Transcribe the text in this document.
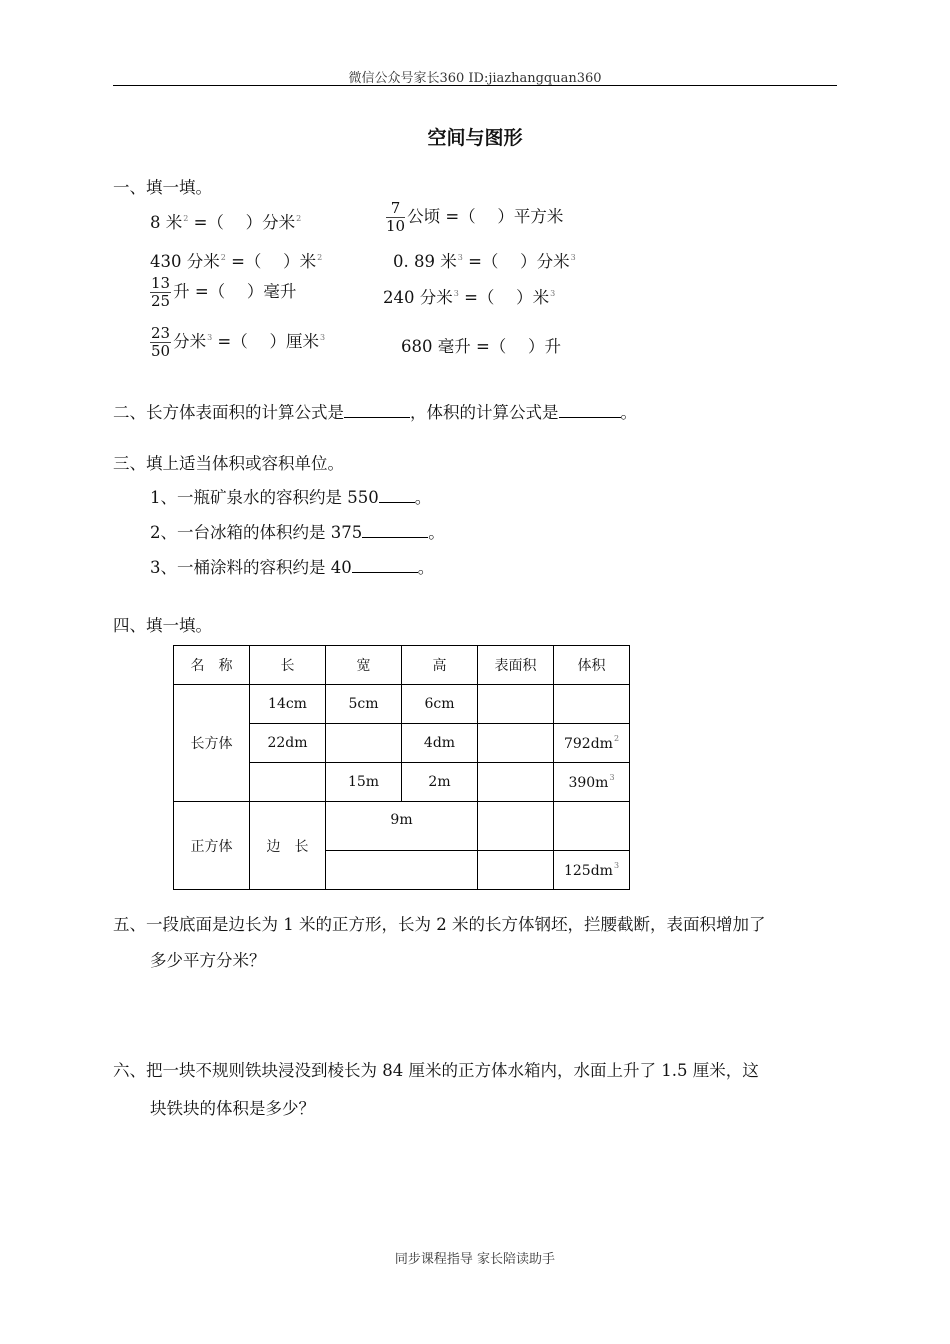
微信公众号家长360 ID:jiazhangquan360
空间与图形
一、填一填。
8 米$^2$ =（　 ）分米$^2$	$\frac{7}{10}$ 公顷 =（　 ）平方米
430 分米$^2$ =（　 ）米$^2$	0. 89 米$^3$ =（　 ）分米$^3$
$\frac{13}{25}$ 升 =（　 ）毫升	240 分米$^3$ =（　 ）米$^3$
$\frac{23}{50}$ 分米$^3$ =（　 ）厘米$^3$	680 毫升 =（　 ）升
二、长方体表面积的计算公式是	，体积的计算公式是	。
三、填上适当体积或容积单位。
1、一瓶矿泉水的容积约是 550 。
2、一台冰箱的体积约是 375	。
3、一桶涂料的容积约是 40	。
四、填一填。
名　称	长	宽	高	表面积	体积
长方体	14cm	5cm	6cm		
	22dm		4dm		$792dm^2$
		15m	2m		$390m^3$
正方体	边　长	9m			
					$125dm^3$
五、一段底面是边长为 1 米的正方形，长为 2 米的长方体钢坯，拦腰截断，表面积增加了
多少平方分米？
六、把一块不规则铁块浸没到棱长为 84 厘米的正方体水箱内，水面上升了 1.5 厘米，这
块铁块的体积是多少？
同步课程指导 家长陪读助手
